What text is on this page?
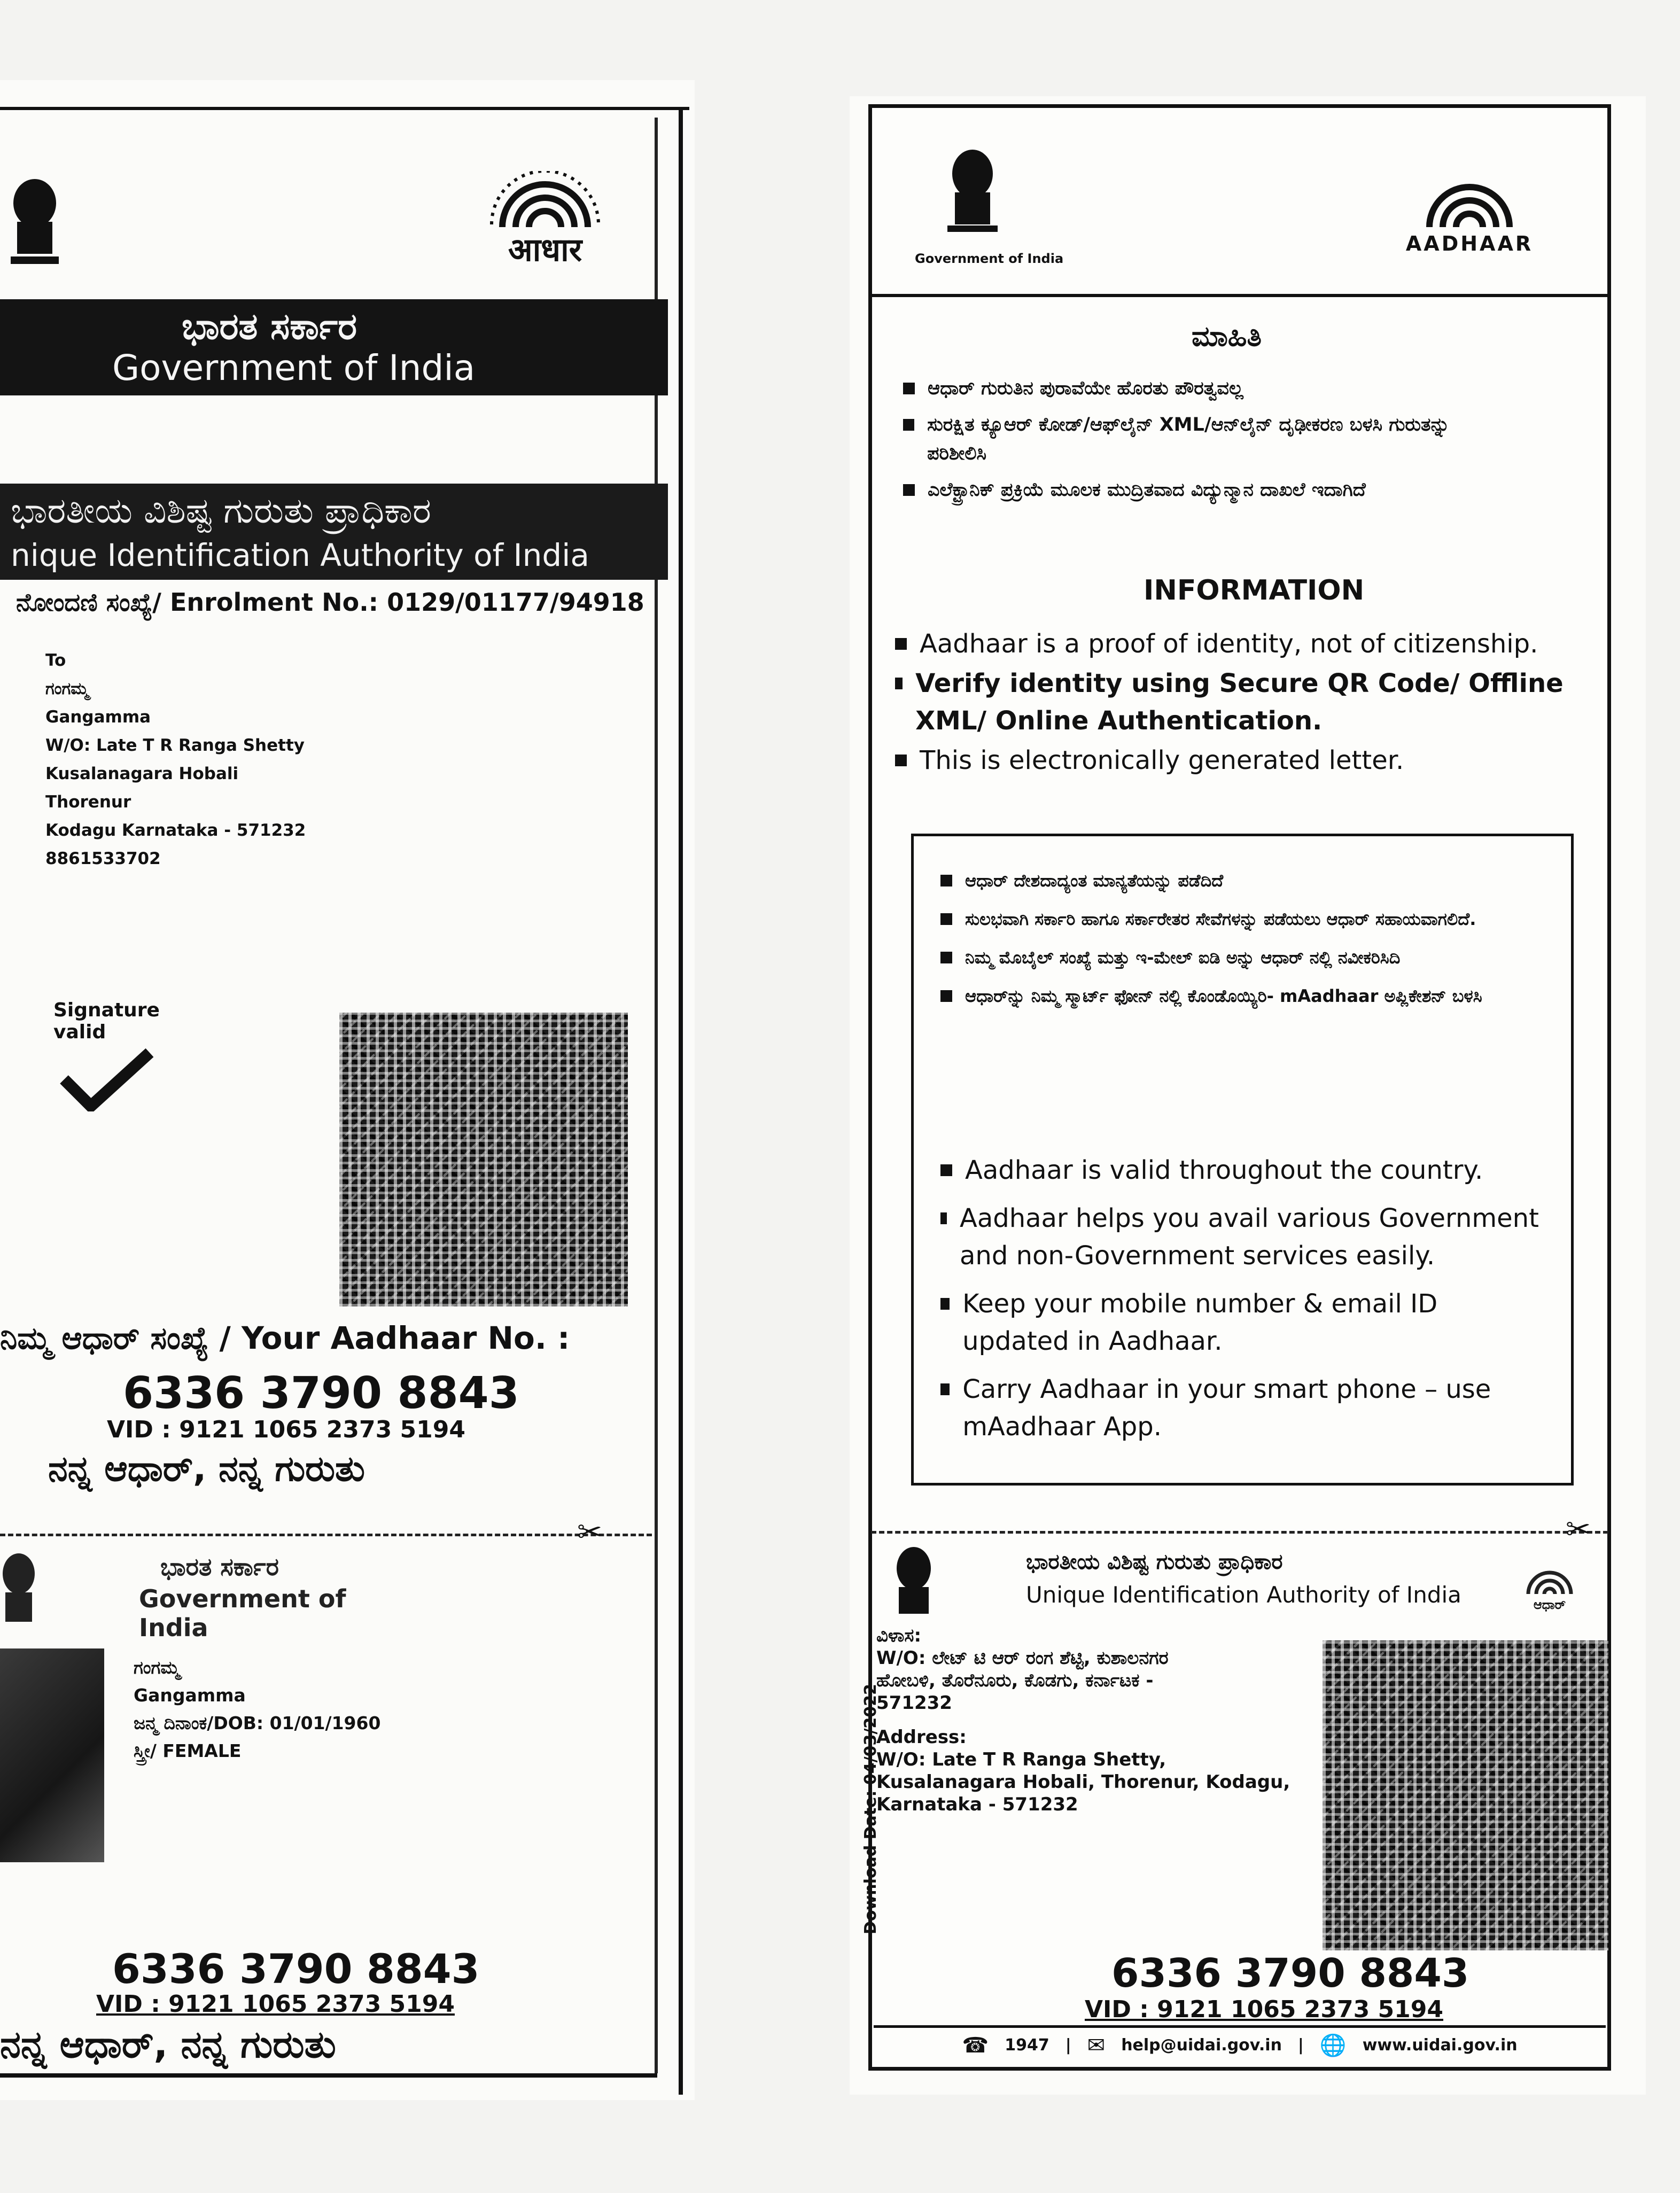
आधार
ಭಾರತ ಸರ್ಕಾರ
Government of India
ಭಾರತೀಯ ವಿಶಿಷ್ಟ ಗುರುತು ಪ್ರಾಧಿಕಾರ
nique Identification Authority of India
ನೋಂದಣಿ ಸಂಖ್ಯೆ/ Enrolment No.: 0129/01177/94918
To
ಗಂಗಮ್ಮ
Gangamma
W/O: Late T R Ranga Shetty
Kusalanagara Hobali
Thorenur
Kodagu Karnataka - 571232
8861533702
Signature valid
ನಿಮ್ಮ ಆಧಾರ್ ಸಂಖ್ಯೆ / Your Aadhaar No. :
6336 3790 8843
VID : 9121 1065 2373 5194
ನನ್ನ ಆಧಾರ್, ನನ್ನ ಗುರುತು
✂
ಭಾರತ ಸರ್ಕಾರ
Government of India
ಗಂಗಮ್ಮ
Gangamma
ಜನ್ಮ ದಿನಾಂಕ/DOB: 01/01/1960
ಸ್ತ್ರೀ/ FEMALE
6336 3790 8843
VID : 9121 1065 2373 5194
ನನ್ನ ಆಧಾರ್, ನನ್ನ ಗುರುತು
Government of India
AADHAAR
ಮಾಹಿತಿ
ಆಧಾರ್ ಗುರುತಿನ ಪುರಾವೆಯೇ ಹೊರತು ಪೌರತ್ವವಲ್ಲ
ಸುರಕ್ಷಿತ ಕ್ಯೂಆರ್ ಕೋಡ್/ಆಫ್‌ಲೈನ್ XML/ಆನ್‌ಲೈನ್ ದೃಢೀಕರಣ ಬಳಸಿ ಗುರುತನ್ನು ಪರಿಶೀಲಿಸಿ
ಎಲೆಕ್ಟ್ರಾನಿಕ್ ಪ್ರಕ್ರಿಯೆ ಮೂಲಕ ಮುದ್ರಿತವಾದ ವಿದ್ಯುನ್ಮಾನ ದಾಖಲೆ ಇದಾಗಿದೆ
INFORMATION
Aadhaar is a proof of identity, not of citizenship.
Verify identity using Secure QR Code/ Offline XML/ Online Authentication.
This is electronically generated letter.
ಆಧಾರ್ ದೇಶದಾದ್ಯಂತ ಮಾನ್ಯತೆಯನ್ನು ಪಡೆದಿದೆ
ಸುಲಭವಾಗಿ ಸರ್ಕಾರಿ ಹಾಗೂ ಸರ್ಕಾರೇತರ ಸೇವೆಗಳನ್ನು ಪಡೆಯಲು ಆಧಾರ್ ಸಹಾಯವಾಗಲಿದೆ.
ನಿಮ್ಮ ಮೊಬೈಲ್ ಸಂಖ್ಯೆ ಮತ್ತು ಇ-ಮೇಲ್ ಐಡಿ ಅನ್ನು ಆಧಾರ್ ನಲ್ಲಿ ನವೀಕರಿಸಿದಿ
ಆಧಾರ್‌ನ್ನು ನಿಮ್ಮ ಸ್ಮಾರ್ಟ್ ಫೋನ್ ನಲ್ಲಿ ಕೊಂಡೊಯ್ಯಿರಿ- mAadhaar ಅಪ್ಲಿಕೇಶನ್ ಬಳಸಿ
Aadhaar is valid throughout the country.
Aadhaar helps you avail various Government and non-Government services easily.
Keep your mobile number & email ID updated in Aadhaar.
Carry Aadhaar in your smart phone – use mAadhaar App.
✂
ಭಾರತೀಯ ವಿಶಿಷ್ಟ ಗುರುತು ಪ್ರಾಧಿಕಾರ
Unique Identification Authority of India	ಆಧಾರ್
Download Date: 04/03/2022
ವಿಳಾಸ:
W/O: ಲೇಟ್ ಟಿ ಆರ್ ರಂಗ ಶೆಟ್ಟಿ, ಕುಶಾಲನಗರ ಹೋಬಳಿ, ತೊರೆನೂರು, ಕೊಡಗು, ಕರ್ನಾಟಕ - 571232
Address:
W/O: Late T R Ranga Shetty, Kusalanagara Hobali, Thorenur, Kodagu, Karnataka - 571232
6336 3790 8843
VID : 9121 1065 2373 5194
☎ 1947 | ✉ help@uidai.gov.in | 🌐 www.uidai.gov.in
